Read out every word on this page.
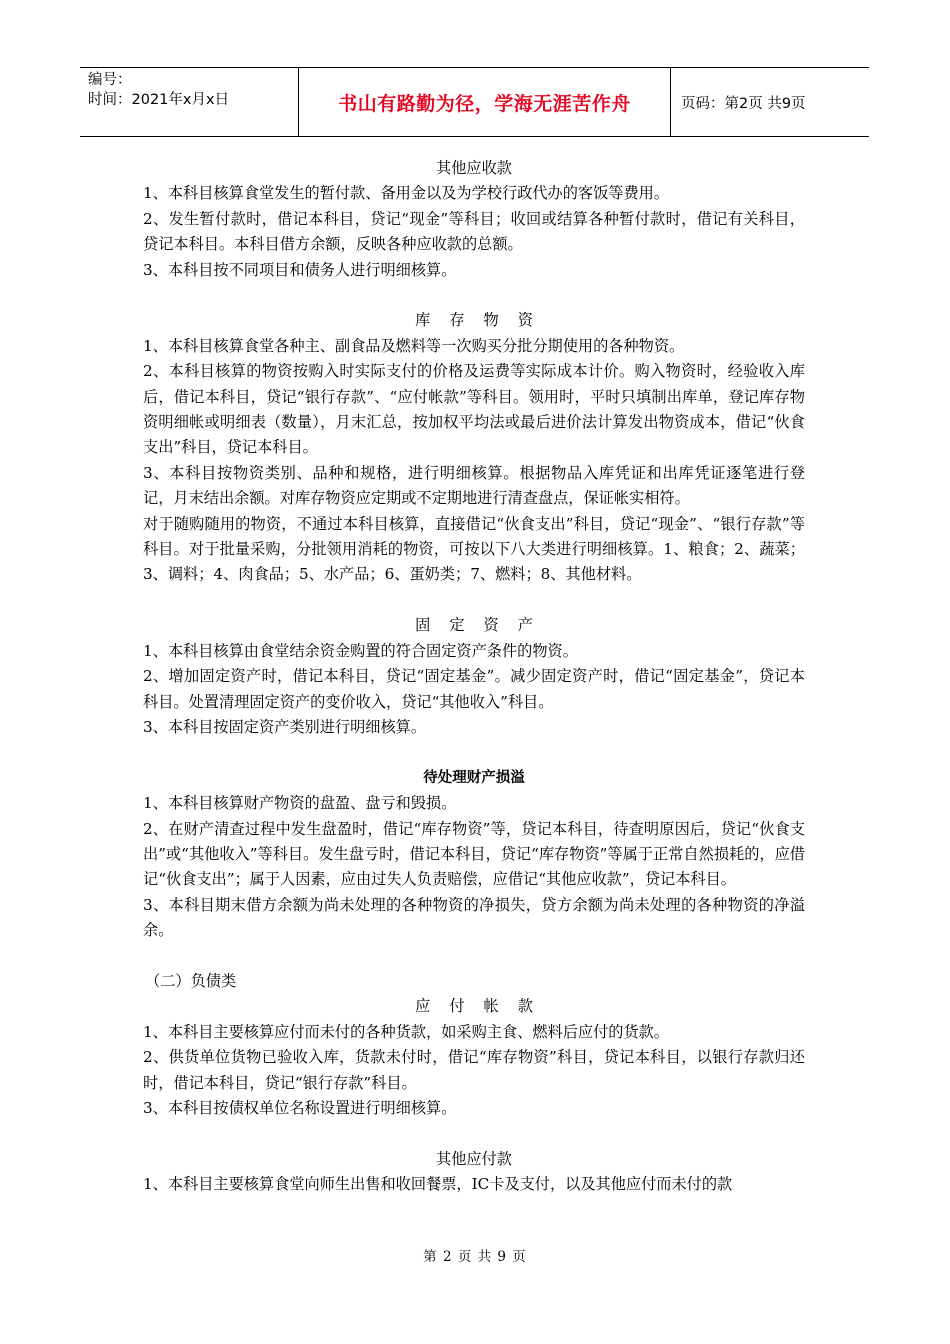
编号：
时间：2021年x月x日	书山有路勤为径，学海无涯苦作舟	页码：第2页 共9页

其他应收款

1、本科目核算食堂发生的暂付款、备用金以及为学校行政代办的客饭等费用。

2、发生暂付款时，借记本科目，贷记“现金”等科目；收回或结算各种暂付款时，借记有关科目，贷记本科目。本科目借方余额，反映各种应收款的总额。

3、本科目按不同项目和债务人进行明细核算。

库存物资

1、本科目核算食堂各种主、副食品及燃料等一次购买分批分期使用的各种物资。

2、本科目核算的物资按购入时实际支付的价格及运费等实际成本计价。购入物资时，经验收入库后，借记本科目，贷记“银行存款”、“应付帐款”等科目。领用时，平时只填制出库单，登记库存物资明细帐或明细表（数量），月末汇总，按加权平均法或最后进价法计算发出物资成本，借记“伙食支出”科目，贷记本科目。

3、本科目按物资类别、品种和规格，进行明细核算。根据物品入库凭证和出库凭证逐笔进行登记，月末结出余额。对库存物资应定期或不定期地进行清查盘点，保证帐实相符。

对于随购随用的物资，不通过本科目核算，直接借记“伙食支出”科目，贷记“现金”、“银行存款”等科目。对于批量采购，分批领用消耗的物资，可按以下八大类进行明细核算。1、粮食；2、蔬菜；3、调料；4、肉食品；5、水产品；6、蛋奶类；7、燃料；8、其他材料。

固定资产

1、本科目核算由食堂结余资金购置的符合固定资产条件的物资。

2、增加固定资产时，借记本科目，贷记“固定基金”。减少固定资产时，借记“固定基金”，贷记本科目。处置清理固定资产的变价收入，贷记“其他收入”科目。

3、本科目按固定资产类别进行明细核算。

待处理财产损溢

1、本科目核算财产物资的盘盈、盘亏和毁损。

2、在财产清查过程中发生盘盈时，借记“库存物资”等，贷记本科目，待查明原因后，贷记“伙食支出”或“其他收入”等科目。发生盘亏时，借记本科目，贷记“库存物资”等属于正常自然损耗的，应借记“伙食支出”；属于人因素，应由过失人负责赔偿，应借记“其他应收款”，贷记本科目。

3、本科目期末借方余额为尚未处理的各种物资的净损失，贷方余额为尚未处理的各种物资的净溢余。

（二）负债类

应付帐款

1、本科目主要核算应付而未付的各种货款，如采购主食、燃料后应付的货款。

2、供货单位货物已验收入库，货款未付时，借记“库存物资”科目，贷记本科目，以银行存款归还时，借记本科目，贷记“银行存款”科目。

3、本科目按债权单位名称设置进行明细核算。

其他应付款

1、本科目主要核算食堂向师生出售和收回餐票，IC卡及支付，以及其他应付而未付的款

第 2 页 共 9 页
